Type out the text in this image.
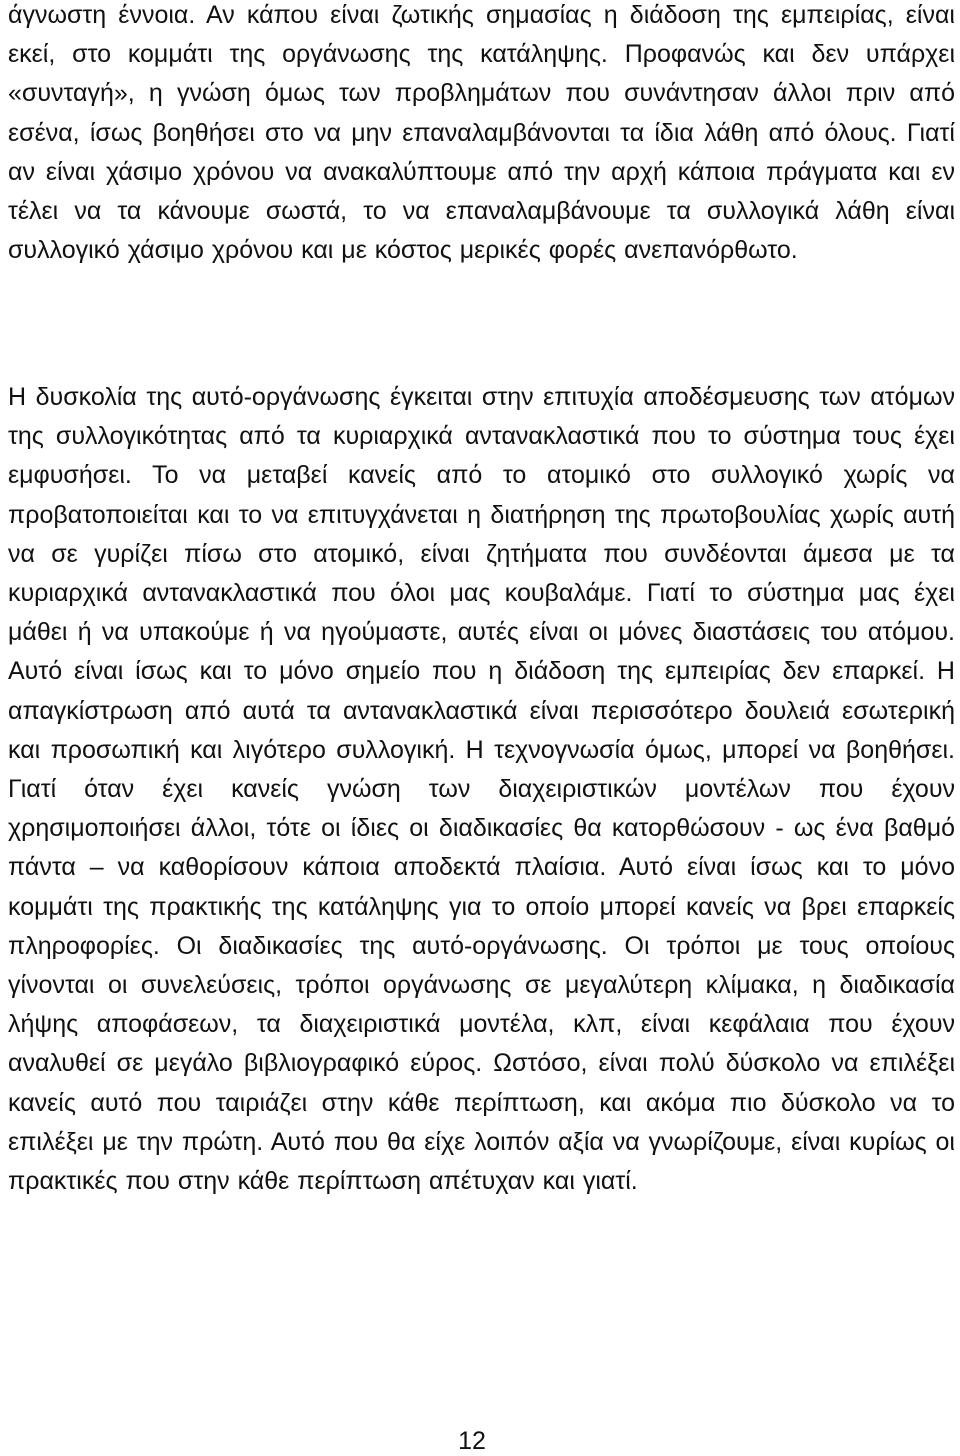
άγνωστη έννοια. Αν κάπου είναι ζωτικής σημασίας η διάδοση της εμπειρίας, είναι εκεί, στο κομμάτι της οργάνωσης της κατάληψης. Προφανώς και δεν υπάρχει «συνταγή», η γνώση όμως των προβλημάτων που συνάντησαν άλλοι πριν από εσένα, ίσως βοηθήσει στο να μην επαναλαμβάνονται τα ίδια λάθη από όλους. Γιατί αν είναι χάσιμο χρόνου να ανακαλύπτουμε από την αρχή κάποια πράγματα και εν τέλει να τα κάνουμε σωστά, το να επαναλαμβάνουμε τα συλλογικά λάθη είναι συλλογικό χάσιμο χρόνου και με κόστος μερικές φορές ανεπανόρθωτο.

Η δυσκολία της αυτό-οργάνωσης έγκειται στην επιτυχία αποδέσμευσης των ατόμων της συλλογικότητας από τα κυριαρχικά αντανακλαστικά που το σύστημα τους έχει εμφυσήσει. Το να μεταβεί κανείς από το ατομικό στο συλλογικό χωρίς να προβατοποιείται και το να επιτυγχάνεται η διατήρηση της πρωτοβουλίας χωρίς αυτή να σε γυρίζει πίσω στο ατομικό, είναι ζητήματα που συνδέονται άμεσα με τα κυριαρχικά αντανακλαστικά που όλοι μας κουβαλάμε. Γιατί το σύστημα μας έχει μάθει ή να υπακούμε ή να ηγούμαστε, αυτές είναι οι μόνες διαστάσεις του ατόμου. Αυτό είναι ίσως και το μόνο σημείο που η διάδοση της εμπειρίας δεν επαρκεί. Η απαγκίστρωση από αυτά τα αντανακλαστικά είναι περισσότερο δουλειά εσωτερική και προσωπική και λιγότερο συλλογική. Η τεχνογνωσία όμως, μπορεί να βοηθήσει. Γιατί όταν έχει κανείς γνώση των διαχειριστικών μοντέλων που έχουν χρησιμοποιήσει άλλοι, τότε οι ίδιες οι διαδικασίες θα κατορθώσουν - ως ένα βαθμό πάντα – να καθορίσουν κάποια αποδεκτά πλαίσια. Αυτό είναι ίσως και το μόνο κομμάτι της πρακτικής της κατάληψης για το οποίο μπορεί κανείς να βρει επαρκείς πληροφορίες. Οι διαδικασίες της αυτό-οργάνωσης. Οι τρόποι με τους οποίους γίνονται οι συνελεύσεις, τρόποι οργάνωσης σε μεγαλύτερη κλίμακα, η διαδικασία λήψης αποφάσεων, τα διαχειριστικά μοντέλα, κλπ, είναι κεφάλαια που έχουν αναλυθεί σε μεγάλο βιβλιογραφικό εύρος. Ωστόσο, είναι πολύ δύσκολο να επιλέξει κανείς αυτό που ταιριάζει στην κάθε περίπτωση, και ακόμα πιο δύσκολο να το επιλέξει με την πρώτη. Αυτό που θα είχε λοιπόν αξία να γνωρίζουμε, είναι κυρίως οι πρακτικές που στην κάθε περίπτωση απέτυχαν και γιατί.

12
